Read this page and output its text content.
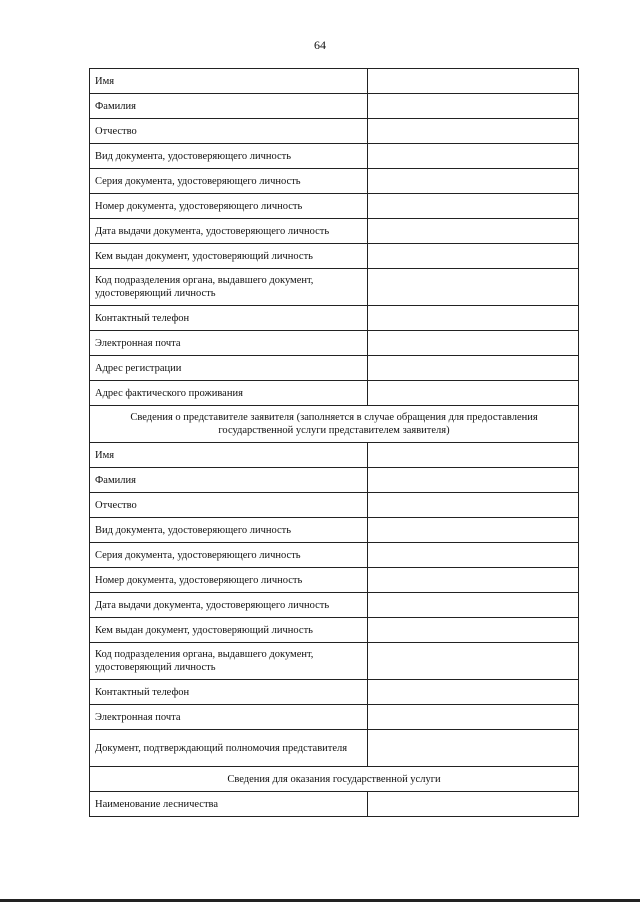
64
Имя	
Фамилия	
Отчество	
Вид документа, удостоверяющего личность	
Серия документа, удостоверяющего личность	
Номер документа, удостоверяющего личность	
Дата выдачи документа, удостоверяющего личность	
Кем выдан документ, удостоверяющий личность	
Код подразделения органа, выдавшего документ, удостоверяющий личность	
Контактный телефон	
Электронная почта	
Адрес регистрации	
Адрес фактического проживания	
Сведения о представителе заявителя (заполняется в случае обращения для предоставления государственной услуги представителем заявителя)	
Имя	
Фамилия	
Отчество	
Вид документа, удостоверяющего личность	
Серия документа, удостоверяющего личность	
Номер документа, удостоверяющего личность	
Дата выдачи документа, удостоверяющего личность	
Кем выдан документ, удостоверяющий личность	
Код подразделения органа, выдавшего документ, удостоверяющий личность	
Контактный телефон	
Электронная почта	
Документ, подтверждающий полномочия представителя	
Сведения для оказания государственной услуги	
Наименование лесничества	
